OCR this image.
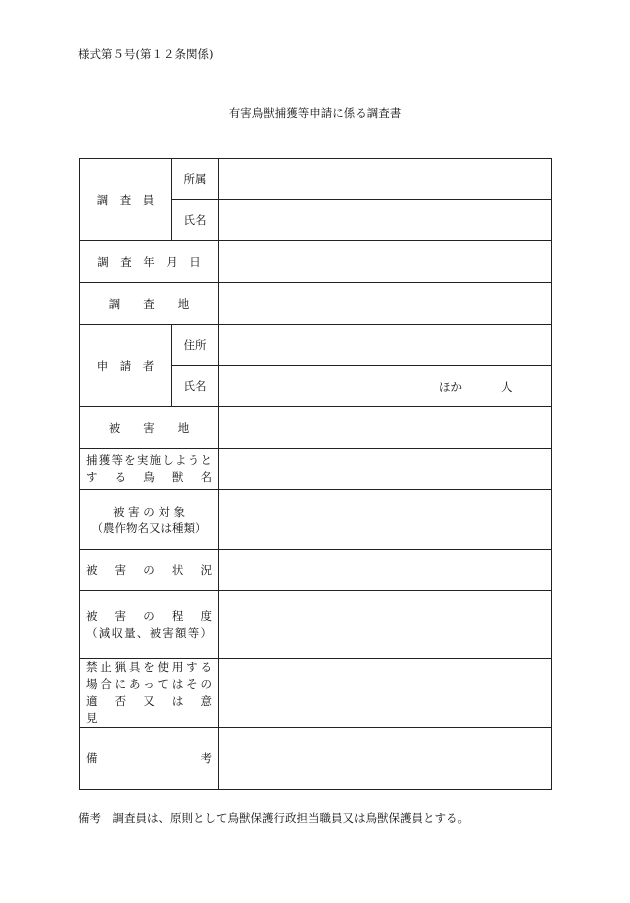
様式第５号(第１２条関係)
有害鳥獣捕獲等申請に係る調査書
調　査　員	所属	
	氏名	

調　査　年　月　日		

調　　査　　地		

申　請　者	住所	
	氏名	ほか 人

被　　害　　地		

捕獲等を実施しようと
す　る　鳥　獣　名		

被 害 の 対 象
（農作物名又は種類）		

被　害　の　状　況		

被　害　の　程　度
（減収量、被害額等）		

禁止猟具を使用する
場合にあってはその
適　否　又　は　意　見		

備　　　　　　　考		

備考　調査員は、原則として鳥獣保護行政担当職員又は鳥獣保護員とする。
